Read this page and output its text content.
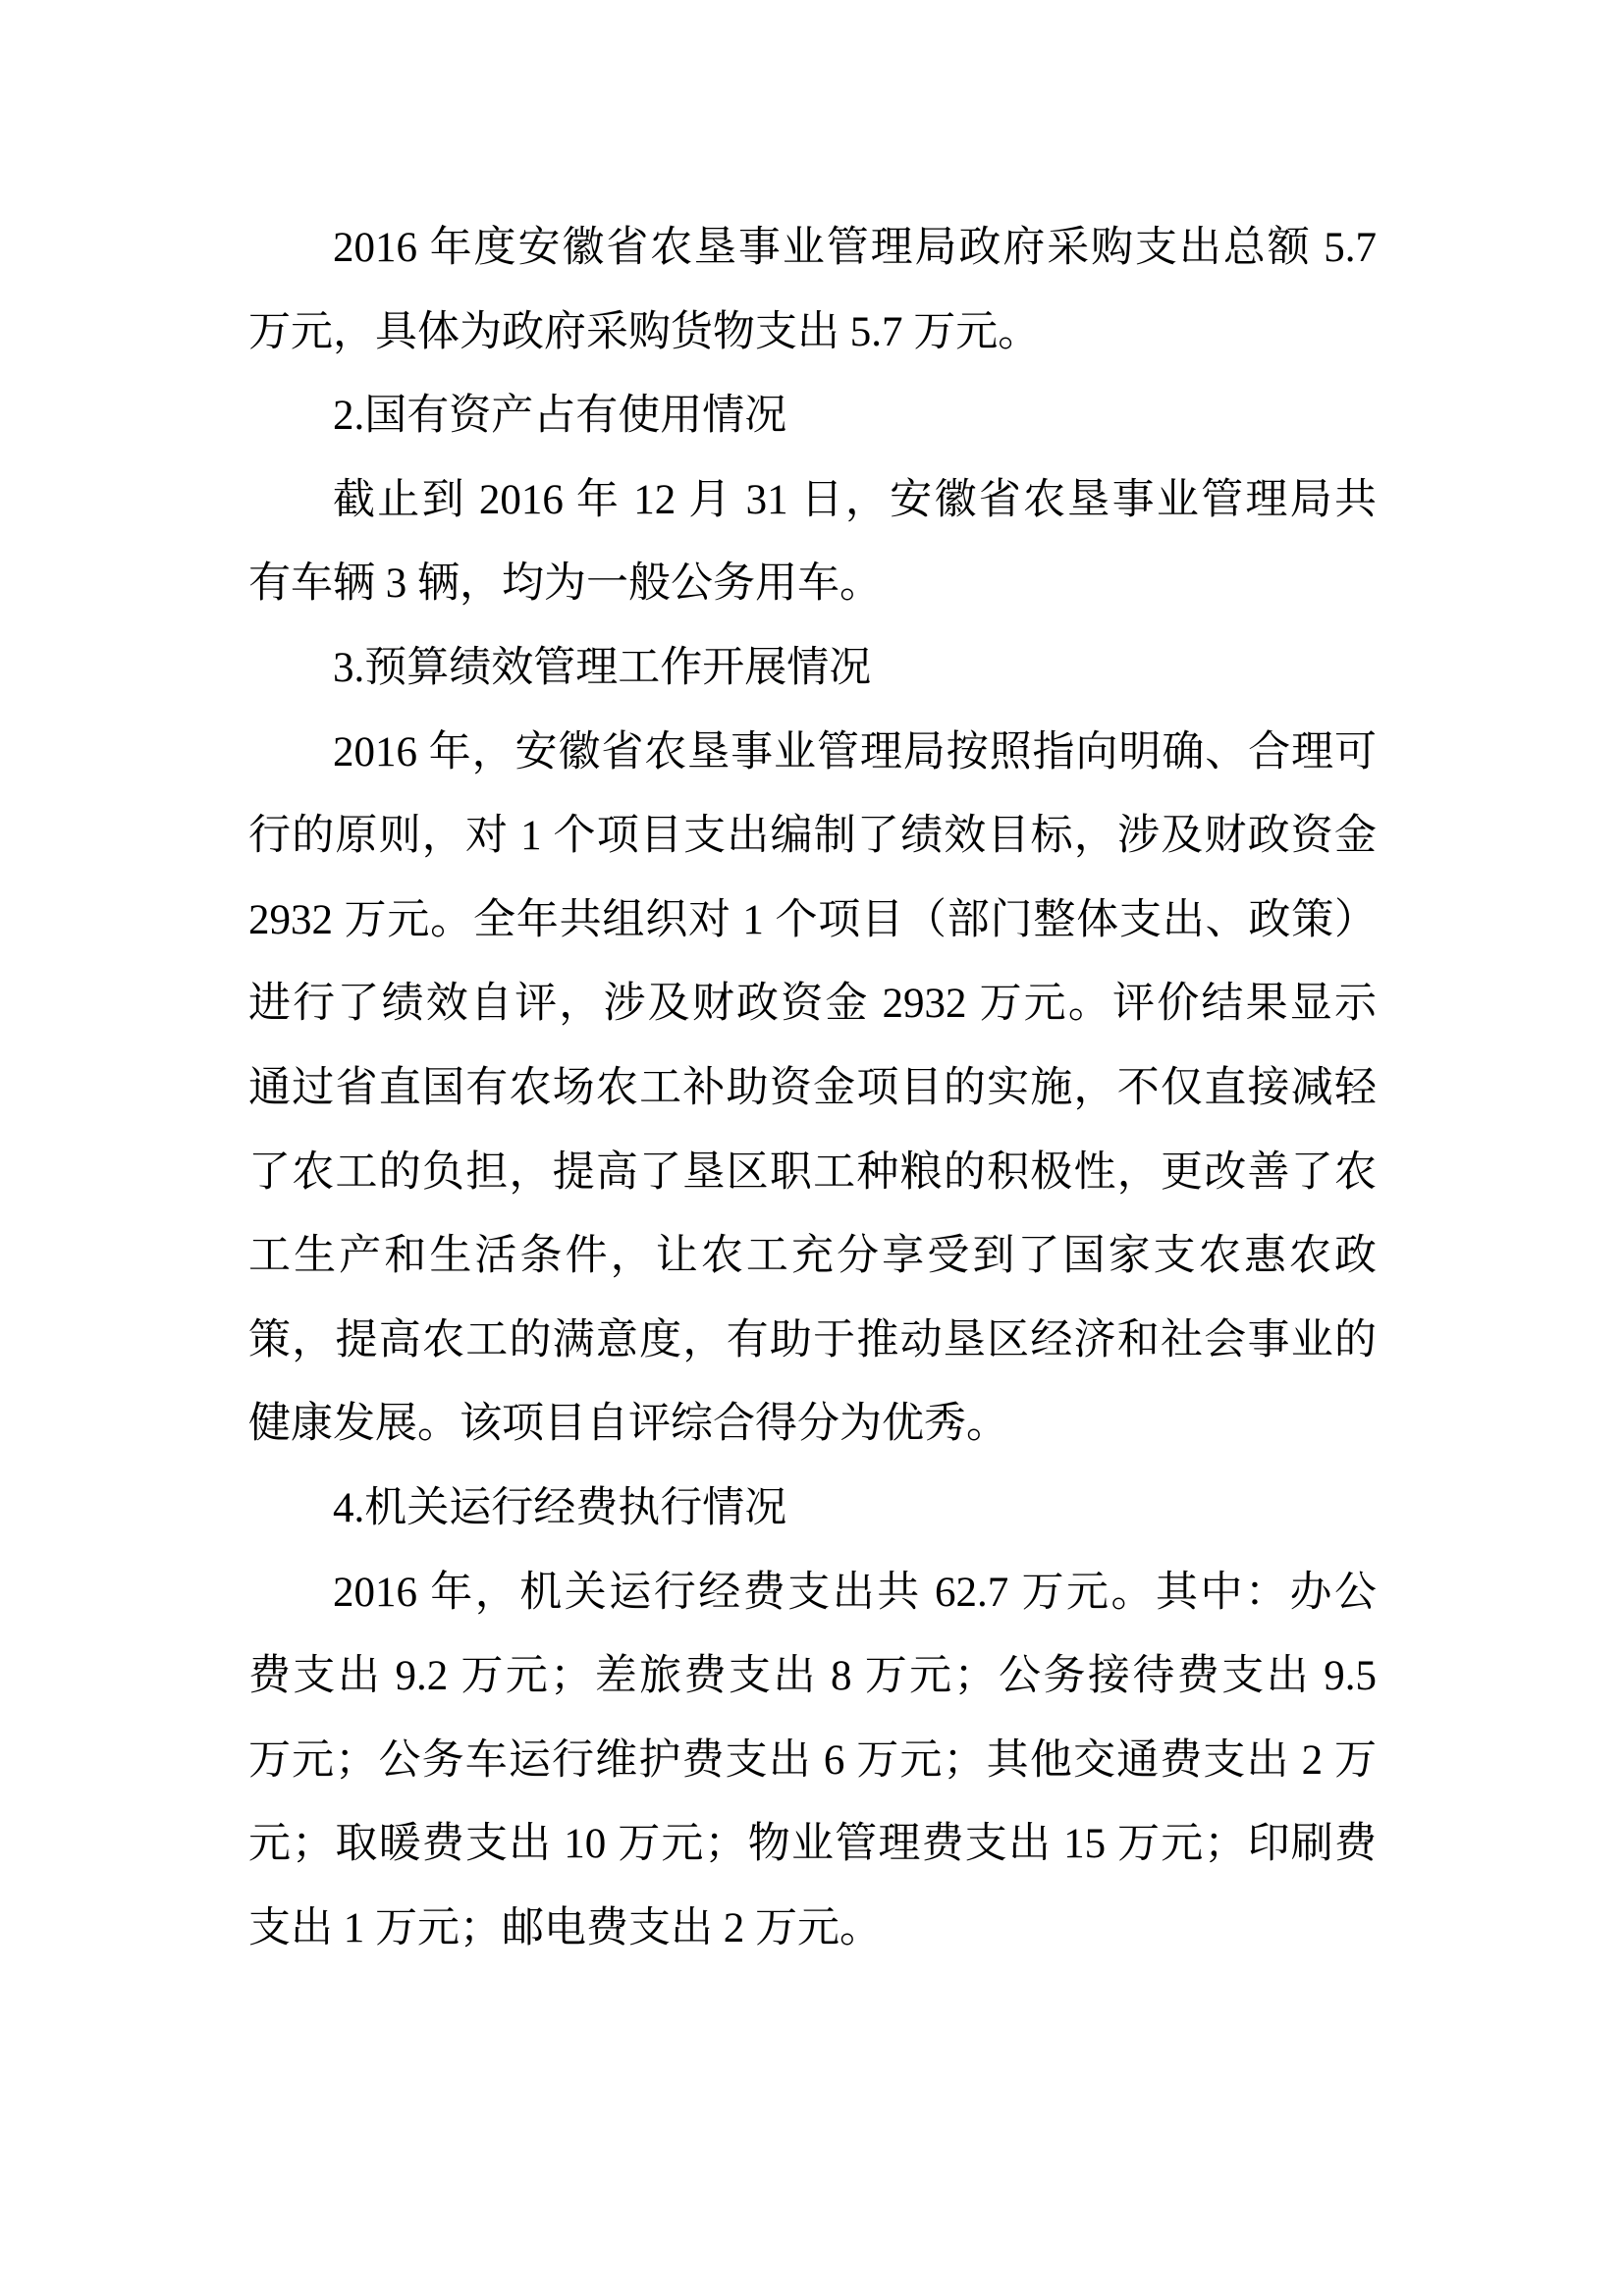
2016 年度安徽省农垦事业管理局政府采购支出总额 5.7
万元，具体为政府采购货物支出 5.7 万元。
2.国有资产占有使用情况
截止到 2016 年 12 月 31 日，安徽省农垦事业管理局共
有车辆 3 辆，均为一般公务用车。
3.预算绩效管理工作开展情况
2016 年，安徽省农垦事业管理局按照指向明确、合理可
行的原则，对 1 个项目支出编制了绩效目标，涉及财政资金
2932 万元。全年共组织对 1 个项目（部门整体支出、政策）
进行了绩效自评，涉及财政资金 2932 万元。评价结果显示
通过省直国有农场农工补助资金项目的实施，不仅直接减轻
了农工的负担，提高了垦区职工种粮的积极性，更改善了农
工生产和生活条件，让农工充分享受到了国家支农惠农政
策，提高农工的满意度，有助于推动垦区经济和社会事业的
健康发展。该项目自评综合得分为优秀。
4.机关运行经费执行情况
2016 年，机关运行经费支出共 62.7 万元。其中：办公
费支出 9.2 万元；差旅费支出 8 万元；公务接待费支出 9.5
万元；公务车运行维护费支出 6 万元；其他交通费支出 2 万
元；取暖费支出 10 万元；物业管理费支出 15 万元；印刷费
支出 1 万元；邮电费支出 2 万元。
